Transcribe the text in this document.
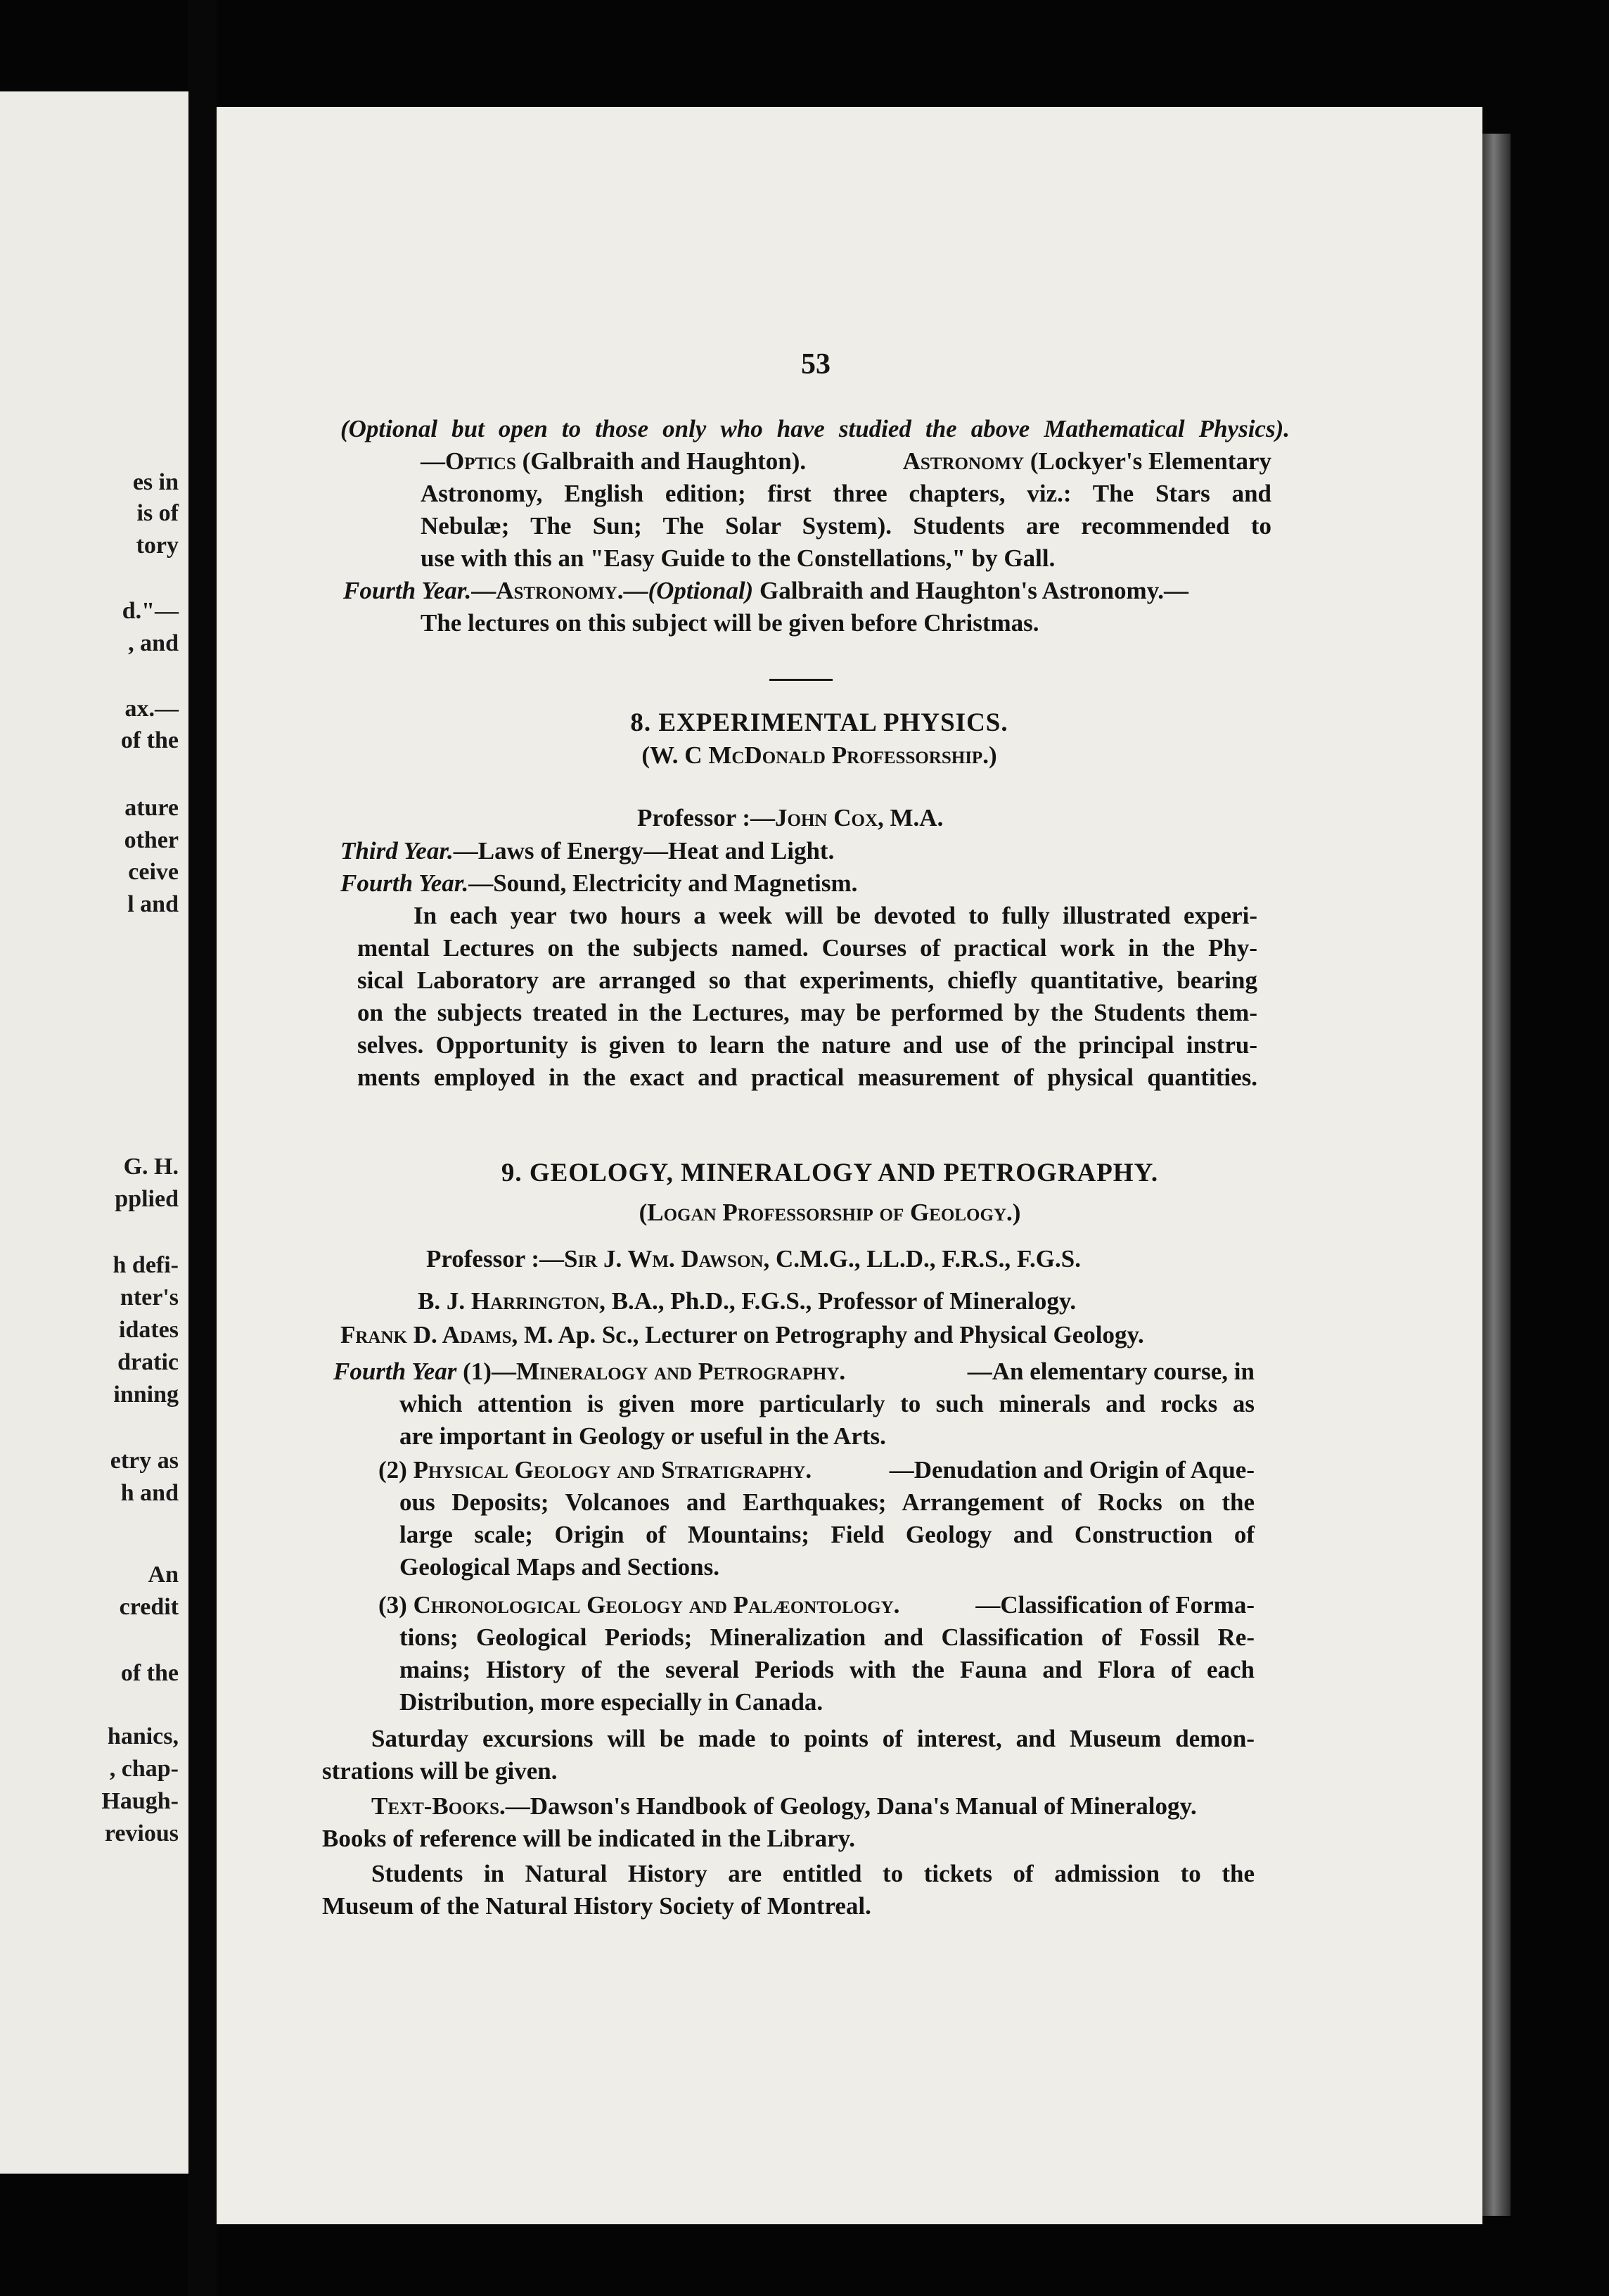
es in
is of
tory
d."—
, and
ax.—
of the
ature
other
ceive
l and
G. H.
pplied
h defi-
nter's
idates
dratic
inning
etry as
h and
An
credit
of the
hanics,
, chap-
Haugh-
revious
53
(Optional but open to those only who have studied the above Mathematical Physics).
—Optics (Galbraith and Haughton).	Astronomy (Lockyer's Elementary
Astronomy, English edition; first three chapters, viz.: The Stars and
Nebulæ; The Sun; The Solar System). Students are recommended to
use with this an "Easy Guide to the Constellations," by Gall.
Fourth Year.—Astronomy.—(Optional) Galbraith and Haughton's Astronomy.—
The lectures on this subject will be given before Christmas.
8. EXPERIMENTAL PHYSICS.
(W. C McDonald Professorship.)
Professor :—John Cox, M.A.
Third Year.—Laws of Energy—Heat and Light.
Fourth Year.—Sound, Electricity and Magnetism.
In each year two hours a week will be devoted to fully illustrated experi-
mental Lectures on the subjects named. Courses of practical work in the Phy-
sical Laboratory are arranged so that experiments, chiefly quantitative, bearing
on the subjects treated in the Lectures, may be performed by the Students them-
selves. Opportunity is given to learn the nature and use of the principal instru-
ments employed in the exact and practical measurement of physical quantities.
9. GEOLOGY, MINERALOGY AND PETROGRAPHY.
(Logan Professorship of Geology.)
Professor :—Sir J. Wm. Dawson, C.M.G., LL.D., F.R.S., F.G.S.
B. J. Harrington, B.A., Ph.D., F.G.S., Professor of Mineralogy.
Frank D. Adams, M. Ap. Sc., Lecturer on Petrography and Physical Geology.
Fourth Year (1)—Mineralogy and Petrography.	—An elementary course, in
which attention is given more particularly to such minerals and rocks as
are important in Geology or useful in the Arts.
(2) Physical Geology and Stratigraphy.	—Denudation and Origin of Aque-
ous Deposits; Volcanoes and Earthquakes; Arrangement of Rocks on the
large scale; Origin of Mountains; Field Geology and Construction of
Geological Maps and Sections.
(3) Chronological Geology and Palæontology.	—Classification of Forma-
tions; Geological Periods; Mineralization and Classification of Fossil Re-
mains; History of the several Periods with the Fauna and Flora of each
Distribution, more especially in Canada.
Saturday excursions will be made to points of interest, and Museum demon-
strations will be given.
Text-Books.—Dawson's Handbook of Geology, Dana's Manual of Mineralogy.
Books of reference will be indicated in the Library.
Students in Natural History are entitled to tickets of admission to the
Museum of the Natural History Society of Montreal.
